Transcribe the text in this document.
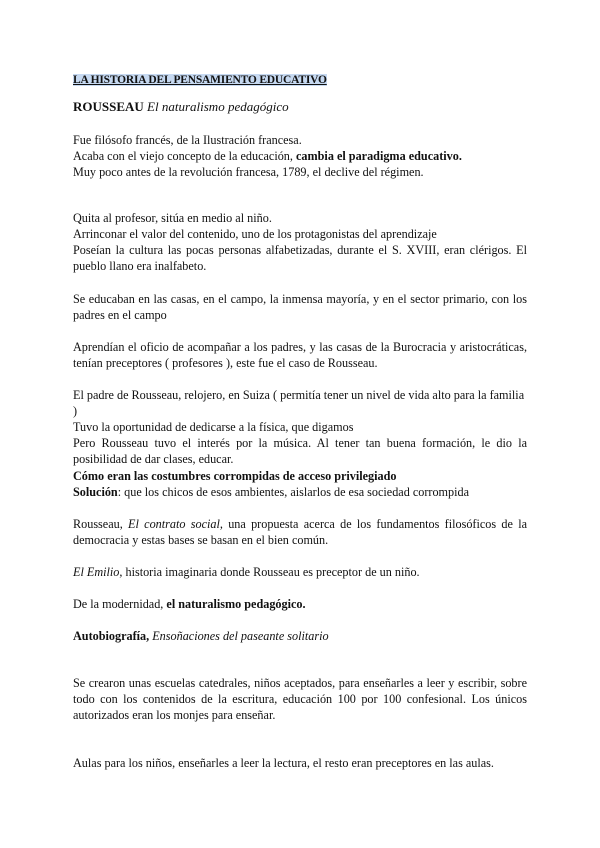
LA HISTORIA DEL PENSAMIENTO EDUCATIVO
ROUSSEAU El naturalismo pedagógico

Fue filósofo francés, de la Ilustración francesa.

Acaba con el viejo concepto de la educación, cambia el paradigma educativo.

Muy poco antes de la revolución francesa, 1789, el declive del régimen.

Quita al profesor, sitúa en medio al niño.

Arrinconar el valor del contenido, uno de los protagonistas del aprendizaje

Poseían la cultura las pocas personas alfabetizadas, durante el S. XVIII, eran clérigos. El pueblo llano era inalfabeto.

Se educaban en las casas, en el campo, la inmensa mayoría, y en el sector primario, con los padres en el campo

Aprendían el oficio de acompañar a los padres, y las casas de la Burocracia y aristocráticas, tenían preceptores ( profesores ), este fue el caso de Rousseau.

El padre de Rousseau, relojero, en Suiza ( permitía tener un nivel de vida alto para la familia )

Tuvo la oportunidad de dedicarse a la física, que digamos

Pero Rousseau tuvo el interés por la música. Al tener tan buena formación, le dio la posibilidad de dar clases, educar.

Cómo eran las costumbres corrompidas de acceso privilegiado

Solución: que los chicos de esos ambientes, aislarlos de esa sociedad corrompida

Rousseau, El contrato social, una propuesta acerca de los fundamentos filosóficos de la democracia y estas bases se basan en el bien común.

El Emilio, historia imaginaria donde Rousseau es preceptor de un niño.

De la modernidad, el naturalismo pedagógico.

Autobiografía, Ensoñaciones del paseante solitario

Se crearon unas escuelas catedrales, niños aceptados, para enseñarles a leer y escribir, sobre todo con los contenidos de la escritura, educación 100 por 100 confesional. Los únicos autorizados eran los monjes para enseñar.

Aulas para los niños, enseñarles a leer la lectura, el resto eran preceptores en las aulas.
